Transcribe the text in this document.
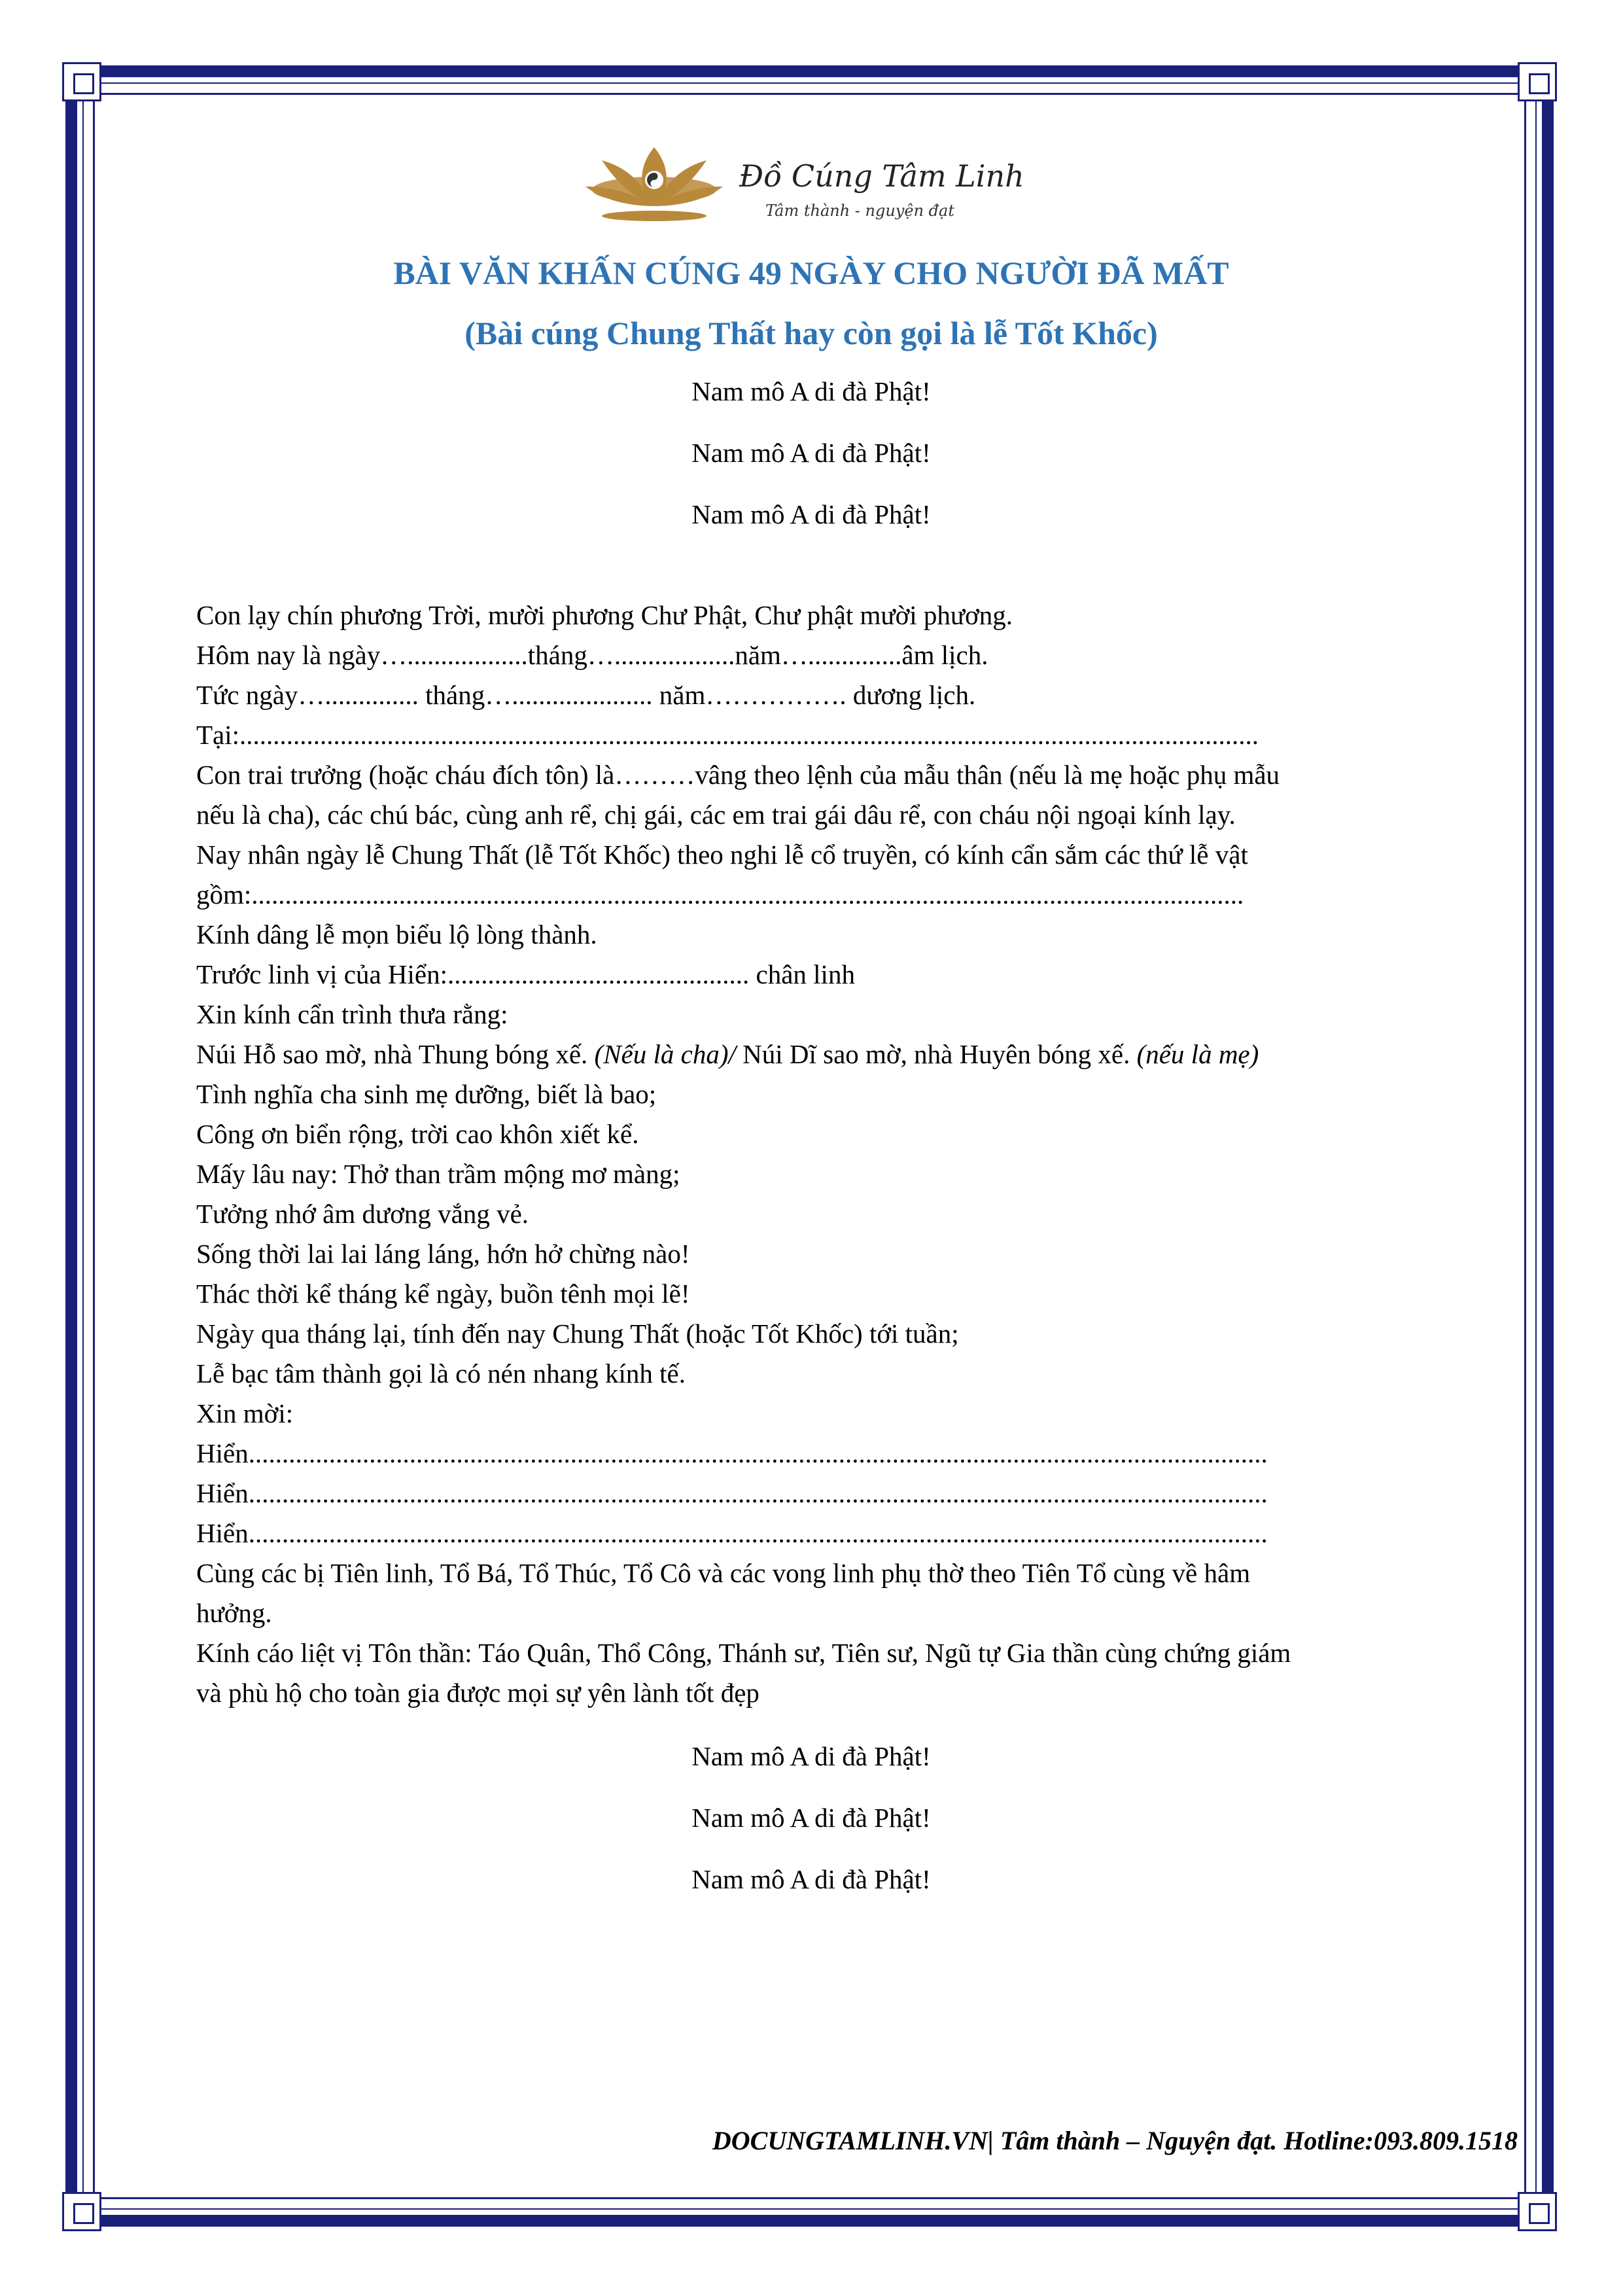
Đồ Cúng Tâm Linh
Tâm thành - nguyện đạt
BÀI VĂN KHẤN CÚNG 49 NGÀY CHO NGƯỜI ĐÃ MẤT
(Bài cúng Chung Thất hay còn gọi là lễ Tốt Khốc)
Nam mô A di đà Phật!
Nam mô A di đà Phật!
Nam mô A di đà Phật!

Con lạy chín phương Trời, mười phương Chư Phật, Chư phật mười phương.

Hôm nay là ngày…..................tháng…..................năm…..............âm lịch.

Tức ngày….............. tháng…..................... năm……………. dương lịch.

Tại:........................................................................................................................................................

Con trai trưởng (hoặc cháu đích tôn) là………vâng theo lệnh của mẫu thân (nếu là mẹ hoặc phụ mẫu

nếu là cha), các chú bác, cùng anh rể, chị gái, các em trai gái dâu rể, con cháu nội ngoại kính lạy.

Nay nhân ngày lễ Chung Thất (lễ Tốt Khốc) theo nghi lễ cổ truyền, có kính cẩn sắm các thứ lễ vật

gồm:....................................................................................................................................................

Kính dâng lễ mọn biểu lộ lòng thành.

Trước linh vị của Hiển:............................................. chân linh

Xin kính cẩn trình thưa rằng:

Núi Hỗ sao mờ, nhà Thung bóng xế. (Nếu là cha)/ Núi Dĩ sao mờ, nhà Huyên bóng xế. (nếu là mẹ)

Tình nghĩa cha sinh mẹ dưỡng, biết là bao;

Công ơn biển rộng, trời cao khôn xiết kể.

Mấy lâu nay: Thở than trầm mộng mơ màng;

Tưởng nhớ âm dương vắng vẻ.

Sống thời lai lai láng láng, hớn hở chừng nào!

Thác thời kể tháng kể ngày, buồn tênh mọi lẽ!

Ngày qua tháng lại, tính đến nay Chung Thất (hoặc Tốt Khốc) tới tuần;

Lễ bạc tâm thành gọi là có nén nhang kính tế.

Xin mời:

Hiển........................................................................................................................................................

Hiển........................................................................................................................................................

Hiển........................................................................................................................................................

Cùng các bị Tiên linh, Tổ Bá, Tổ Thúc, Tổ Cô và các vong linh phụ thờ theo Tiên Tổ cùng về hâm

hưởng.

Kính cáo liệt vị Tôn thần: Táo Quân, Thổ Công, Thánh sư, Tiên sư, Ngũ tự Gia thần cùng chứng giám

và phù hộ cho toàn gia được mọi sự yên lành tốt đẹp

Nam mô A di đà Phật!
Nam mô A di đà Phật!
Nam mô A di đà Phật!
DOCUNGTAMLINH.VN| Tâm thành – Nguyện đạt. Hotline:093.809.1518
